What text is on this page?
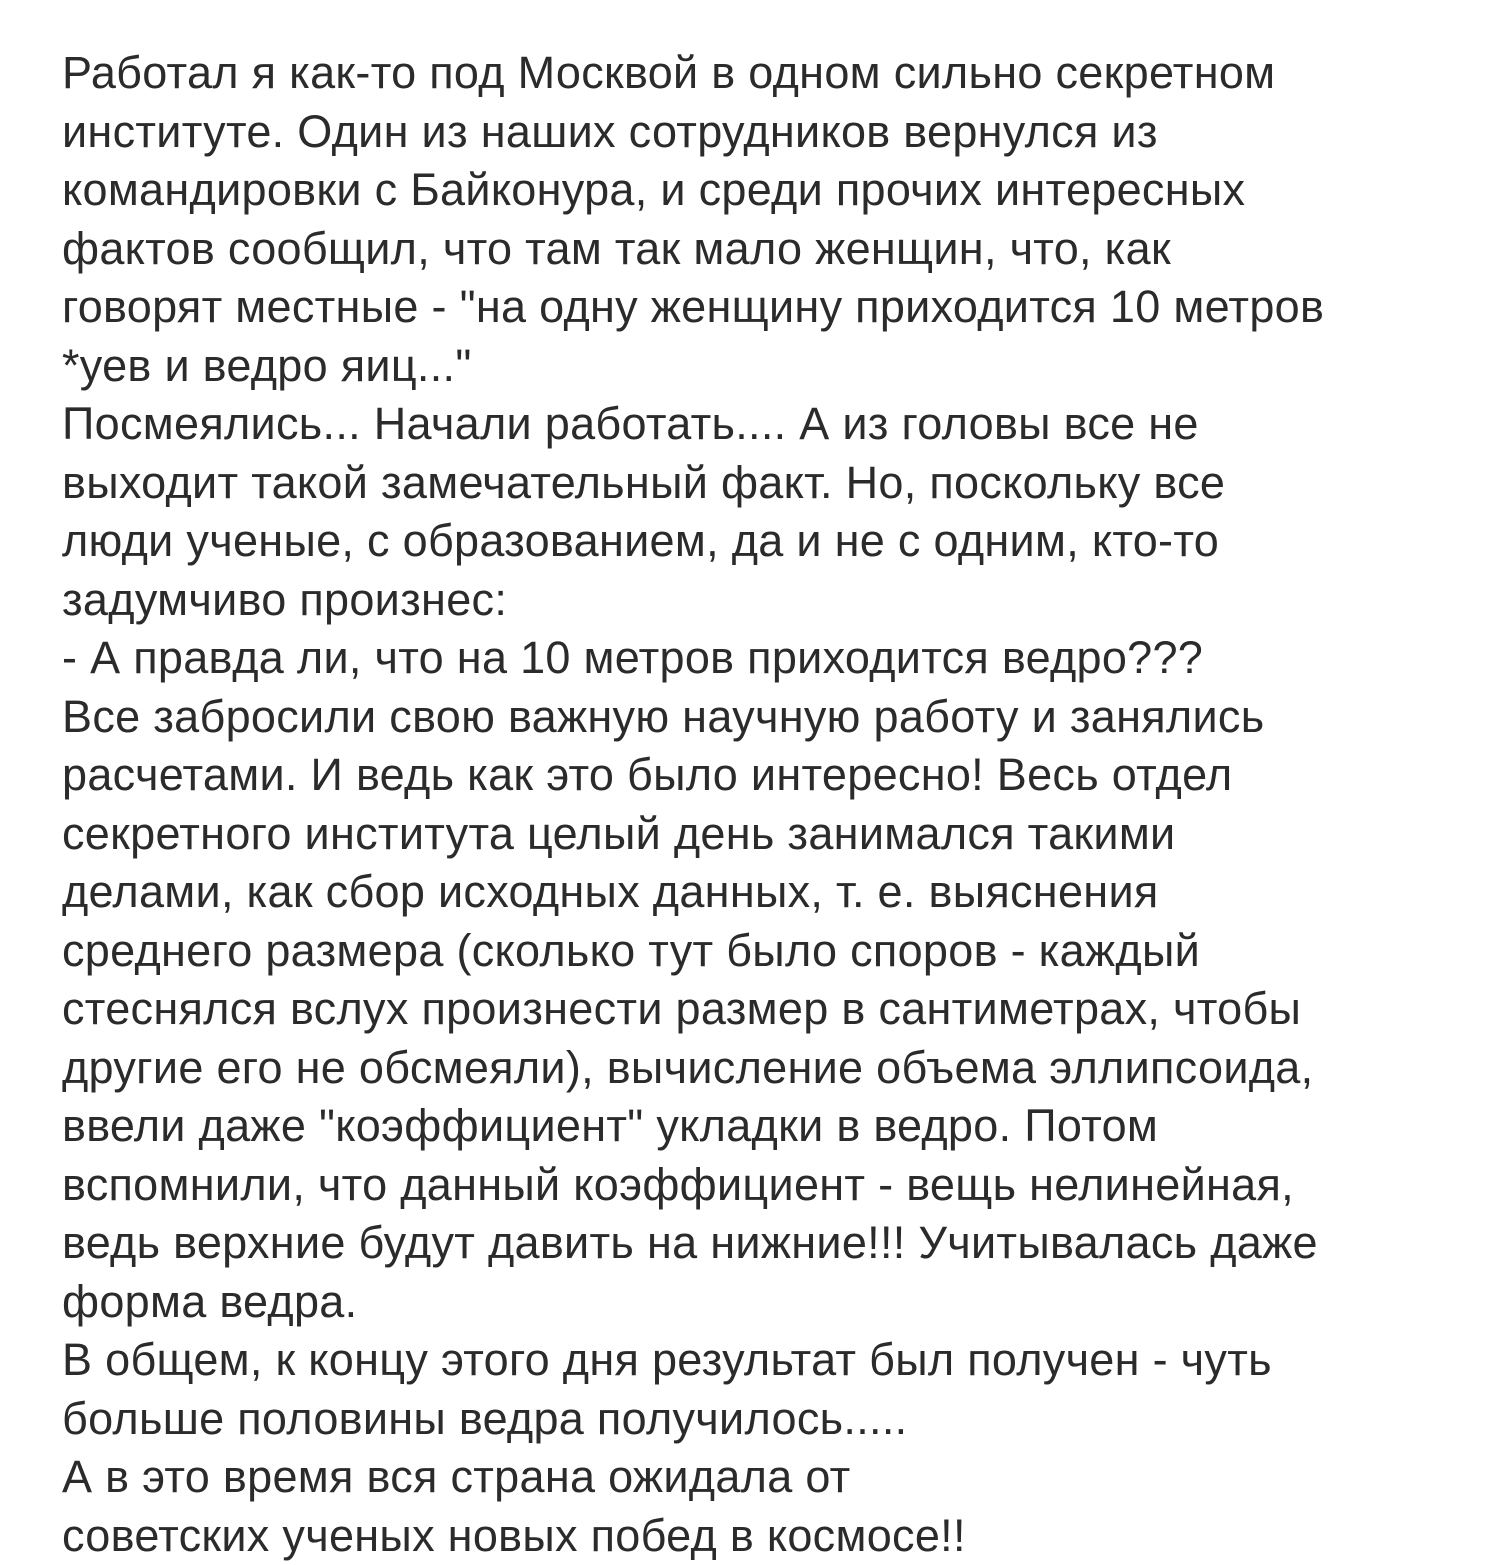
Работал я как-то под Москвой в одном сильно секретном
институте. Один из наших сотрудников вернулся из
командировки с Байконура, и среди прочих интересных
фактов сообщил, что там так мало женщин, что, как
говорят местные - "на одну женщину приходится 10 метров
*уев и ведро яиц..."
Посмеялись... Начали работать.... А из головы все не
выходит такой замечательный факт. Но, поскольку все
люди ученые, с образованием, да и не с одним, кто-то
задумчиво произнес:
- А правда ли, что на 10 метров приходится ведро???
Все забросили свою важную научную работу и занялись
расчетами. И ведь как это было интересно! Весь отдел
секретного института целый день занимался такими
делами, как сбор исходных данных, т. е. выяснения
среднего размера (сколько тут было споров - каждый
стеснялся вслух произнести размер в сантиметрах, чтобы
другие его не обсмеяли), вычисление объема эллипсоида,
ввели даже "коэффициент" укладки в ведро. Потом
вспомнили, что данный коэффициент - вещь нелинейная,
ведь верхние будут давить на нижние!!! Учитывалась даже
форма ведра.
В общем, к концу этого дня результат был получен - чуть
больше половины ведра получилось.....
А в это время вся страна ожидала от
советских ученых новых побед в космосе!!
